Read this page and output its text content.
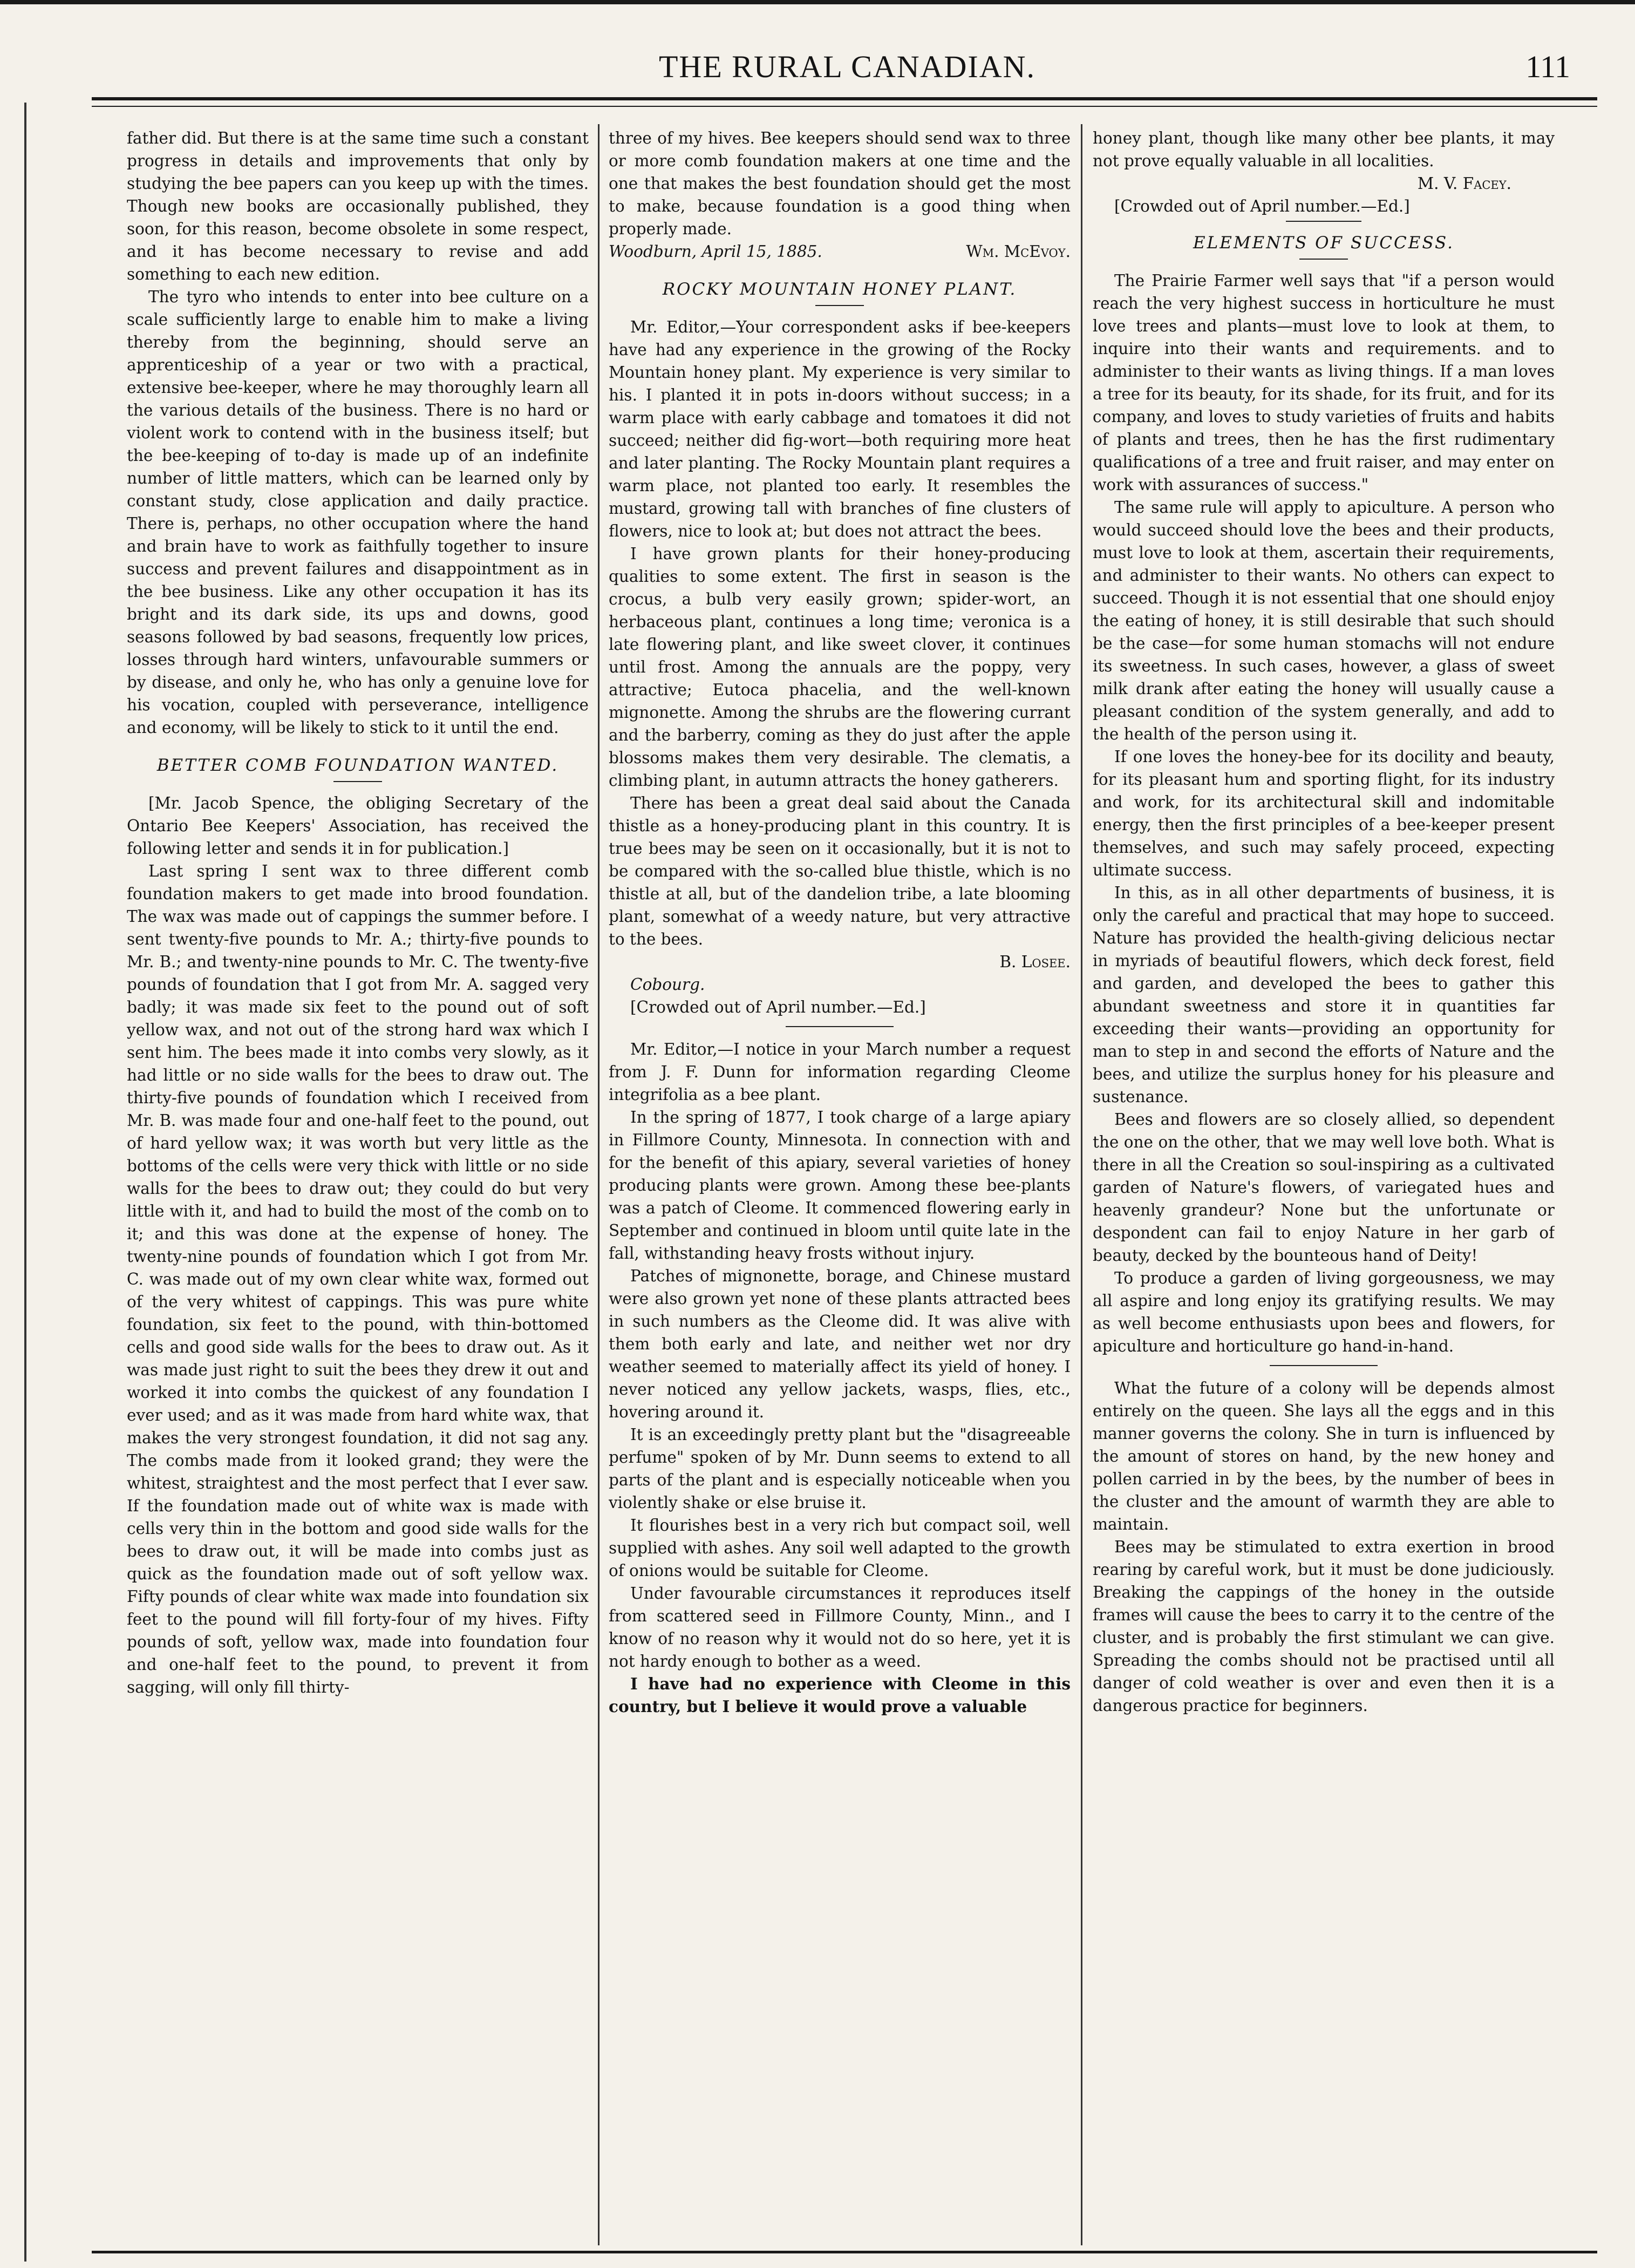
THE RURAL CANADIAN.	111

father did. But there is at the same time such a constant progress in details and improvements that only by studying the bee papers can you keep up with the times. Though new books are occasionally published, they soon, for this reason, become obsolete in some respect, and it has become necessary to revise and add something to each new edition.

The tyro who intends to enter into bee culture on a scale sufficiently large to enable him to make a living thereby from the beginning, should serve an apprenticeship of a year or two with a practical, extensive bee-keeper, where he may thoroughly learn all the various details of the business. There is no hard or violent work to contend with in the business itself; but the bee-keeping of to-day is made up of an indefinite number of little matters, which can be learned only by constant study, close application and daily practice. There is, perhaps, no other occupation where the hand and brain have to work as faithfully together to insure success and prevent failures and disappointment as in the bee business. Like any other occupation it has its bright and its dark side, its ups and downs, good seasons followed by bad seasons, frequently low prices, losses through hard winters, unfavourable summers or by disease, and only he, who has only a genuine love for his vocation, coupled with perseverance, intelligence and economy, will be likely to stick to it until the end.

BETTER COMB FOUNDATION WANTED.

[Mr. Jacob Spence, the obliging Secretary of the Ontario Bee Keepers' Association, has received the following letter and sends it in for publication.]

Last spring I sent wax to three different comb foundation makers to get made into brood foundation. The wax was made out of cappings the summer before. I sent twenty-five pounds to Mr. A.; thirty-five pounds to Mr. B.; and twenty-nine pounds to Mr. C. The twenty-five pounds of foundation that I got from Mr. A. sagged very badly; it was made six feet to the pound out of soft yellow wax, and not out of the strong hard wax which I sent him. The bees made it into combs very slowly, as it had little or no side walls for the bees to draw out. The thirty-five pounds of foundation which I received from Mr. B. was made four and one-half feet to the pound, out of hard yellow wax; it was worth but very little as the bottoms of the cells were very thick with little or no side walls for the bees to draw out; they could do but very little with it, and had to build the most of the comb on to it; and this was done at the expense of honey. The twenty-nine pounds of foundation which I got from Mr. C. was made out of my own clear white wax, formed out of the very whitest of cappings. This was pure white foundation, six feet to the pound, with thin-bottomed cells and good side walls for the bees to draw out. As it was made just right to suit the bees they drew it out and worked it into combs the quickest of any foundation I ever used; and as it was made from hard white wax, that makes the very strongest foundation, it did not sag any. The combs made from it looked grand; they were the whitest, straightest and the most perfect that I ever saw. If the foundation made out of white wax is made with cells very thin in the bottom and good side walls for the bees to draw out, it will be made into combs just as quick as the foundation made out of soft yellow wax. Fifty pounds of clear white wax made into foundation six feet to the pound will fill forty-four of my hives. Fifty pounds of soft, yellow wax, made into foundation four and one-half feet to the pound, to prevent it from sagging, will only fill thirty-

three of my hives. Bee keepers should send wax to three or more comb foundation makers at one time and the one that makes the best foundation should get the most to make, because foundation is a good thing when properly made.

Woodburn, April 15, 1885.	Wm. McEvoy.
ROCKY MOUNTAIN HONEY PLANT.

Mr. Editor,—Your correspondent asks if bee-keepers have had any experience in the growing of the Rocky Mountain honey plant. My experience is very similar to his. I planted it in pots in-doors without success; in a warm place with early cabbage and tomatoes it did not succeed; neither did fig-wort—both requiring more heat and later planting. The Rocky Mountain plant requires a warm place, not planted too early. It resembles the mustard, growing tall with branches of fine clusters of flowers, nice to look at; but does not attract the bees.

I have grown plants for their honey-producing qualities to some extent. The first in season is the crocus, a bulb very easily grown; spider-wort, an herbaceous plant, continues a long time; veronica is a late flowering plant, and like sweet clover, it continues until frost. Among the annuals are the poppy, very attractive; Eutoca phacelia, and the well-known mignonette. Among the shrubs are the flowering currant and the barberry, coming as they do just after the apple blossoms makes them very desirable. The clematis, a climbing plant, in autumn attracts the honey gatherers.

There has been a great deal said about the Canada thistle as a honey-producing plant in this country. It is true bees may be seen on it occasionally, but it is not to be compared with the so-called blue thistle, which is no thistle at all, but of the dandelion tribe, a late blooming plant, somewhat of a weedy nature, but very attractive to the bees.

B. Losee.

Cobourg.

[Crowded out of April number.—Ed.]

Mr. Editor,—I notice in your March number a request from J. F. Dunn for information regarding Cleome integrifolia as a bee plant.

In the spring of 1877, I took charge of a large apiary in Fillmore County, Minnesota. In connection with and for the benefit of this apiary, several varieties of honey producing plants were grown. Among these bee-plants was a patch of Cleome. It commenced flowering early in September and continued in bloom until quite late in the fall, withstanding heavy frosts without injury.

Patches of mignonette, borage, and Chinese mustard were also grown yet none of these plants attracted bees in such numbers as the Cleome did. It was alive with them both early and late, and neither wet nor dry weather seemed to materially affect its yield of honey. I never noticed any yellow jackets, wasps, flies, etc., hovering around it.

It is an exceedingly pretty plant but the "disagreeable perfume" spoken of by Mr. Dunn seems to extend to all parts of the plant and is especially noticeable when you violently shake or else bruise it.

It flourishes best in a very rich but compact soil, well supplied with ashes. Any soil well adapted to the growth of onions would be suitable for Cleome.

Under favourable circumstances it reproduces itself from scattered seed in Fillmore County, Minn., and I know of no reason why it would not do so here, yet it is not hardy enough to bother as a weed.

I have had no experience with Cleome in this country, but I believe it would prove a valuable

honey plant, though like many other bee plants, it may not prove equally valuable in all localities.

M. V. Facey.

[Crowded out of April number.—Ed.]

ELEMENTS OF SUCCESS.

The Prairie Farmer well says that "if a person would reach the very highest success in horticulture he must love trees and plants—must love to look at them, to inquire into their wants and requirements. and to administer to their wants as living things. If a man loves a tree for its beauty, for its shade, for its fruit, and for its company, and loves to study varieties of fruits and habits of plants and trees, then he has the first rudimentary qualifications of a tree and fruit raiser, and may enter on work with assurances of success."

The same rule will apply to apiculture. A person who would succeed should love the bees and their products, must love to look at them, ascertain their requirements, and administer to their wants. No others can expect to succeed. Though it is not essential that one should enjoy the eating of honey, it is still desirable that such should be the case—for some human stomachs will not endure its sweetness. In such cases, however, a glass of sweet milk drank after eating the honey will usually cause a pleasant condition of the system generally, and add to the health of the person using it.

If one loves the honey-bee for its docility and beauty, for its pleasant hum and sporting flight, for its industry and work, for its architectural skill and indomitable energy, then the first principles of a bee-keeper present themselves, and such may safely proceed, expecting ultimate success.

In this, as in all other departments of business, it is only the careful and practical that may hope to succeed. Nature has provided the health-giving delicious nectar in myriads of beautiful flowers, which deck forest, field and garden, and developed the bees to gather this abundant sweetness and store it in quantities far exceeding their wants—providing an opportunity for man to step in and second the efforts of Nature and the bees, and utilize the surplus honey for his pleasure and sustenance.

Bees and flowers are so closely allied, so dependent the one on the other, that we may well love both. What is there in all the Creation so soul-inspiring as a cultivated garden of Nature's flowers, of variegated hues and heavenly grandeur? None but the unfortunate or despondent can fail to enjoy Nature in her garb of beauty, decked by the bounteous hand of Deity!

To produce a garden of living gorgeousness, we may all aspire and long enjoy its gratifying results. We may as well become enthusiasts upon bees and flowers, for apiculture and horticulture go hand-in-hand.

What the future of a colony will be depends almost entirely on the queen. She lays all the eggs and in this manner governs the colony. She in turn is influenced by the amount of stores on hand, by the new honey and pollen carried in by the bees, by the number of bees in the cluster and the amount of warmth they are able to maintain.

Bees may be stimulated to extra exertion in brood rearing by careful work, but it must be done judiciously. Breaking the cappings of the honey in the outside frames will cause the bees to carry it to the centre of the cluster, and is probably the first stimulant we can give. Spreading the combs should not be practised until all danger of cold weather is over and even then it is a dangerous practice for beginners.
